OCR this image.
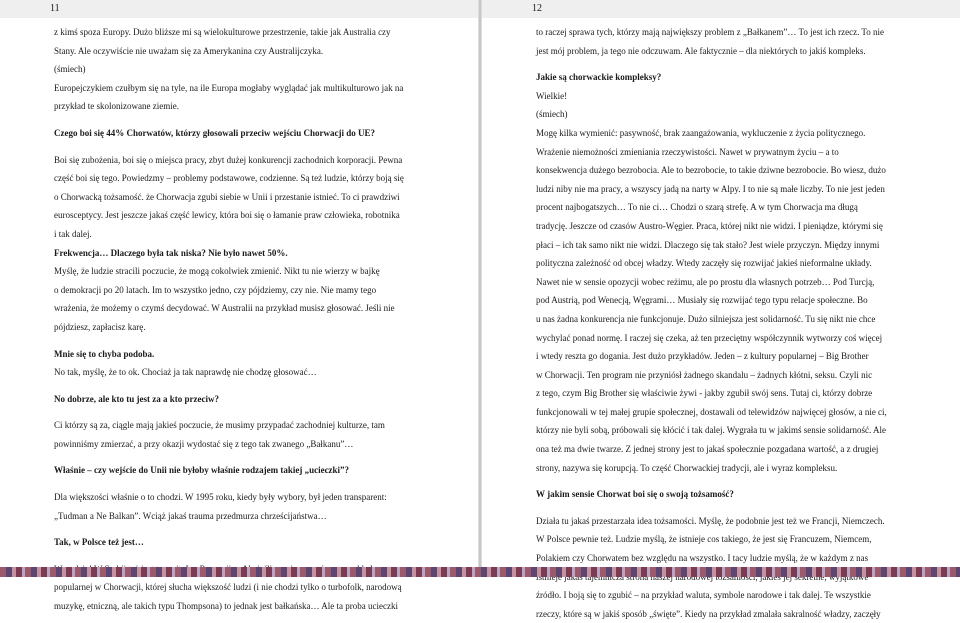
11

z kimś spoza Europy. Dużo bliższe mi są wielokulturowe przestrzenie, takie jak Australia czy

Stany. Ale oczywiście nie uważam się za Amerykanina czy Australijczyka.

(śmiech)

Europejczykiem czułbym się na tyle, na ile Europa mogłaby wyglądać jak multikulturowo jak na

przykład te skolonizowane ziemie.

Czego boi się 44% Chorwatów, którzy głosowali przeciw wejściu Chorwacji do UE?

Boi się zubożenia, boi się o miejsca pracy, zbyt dużej konkurencji zachodnich korporacji. Pewna

część boi się tego. Powiedzmy – problemy podstawowe, codzienne. Są też ludzie, którzy boją się

o Chorwacką tożsamość. że Chorwacja zgubi siebie w Unii i przestanie istnieć. To ci prawdziwi

eurosceptycy. Jest jeszcze jakaś część lewicy, która boi się o łamanie praw człowieka, robotnika

i tak dalej.

Frekwencja… Dlaczego była tak niska? Nie było nawet 50%.

Myślę, że ludzie stracili poczucie, że mogą cokolwiek zmienić. Nikt tu nie wierzy w bajkę

o demokracji po 20 latach. Im to wszystko jedno, czy pójdziemy, czy nie. Nie mamy tego

wrażenia, że możemy o czymś decydować. W Australii na przykład musisz głosować. Jeśli nie

pójdziesz, zapłacisz karę.

Mnie się to chyba podoba.

No tak, myślę, że to ok. Chociaż ja tak naprawdę nie chodzę głosować…

No dobrze, ale kto tu jest za a kto przeciw?

Ci którzy są za, ciągle mają jakieś poczucie, że musimy przypadać zachodniej kulturze, tam

powinniśmy zmierzać, a przy okazji wydostać się z tego tak zwanego „Bałkanu”…

Właśnie – czy wejście do Unii nie byłoby właśnie rodzajem takiej „ucieczki”?

Dla większości właśnie o to chodzi. W 1995 roku, kiedy były wybory, był jeden transparent:

„Tudman a Ne Balkan”. Wciąż jakaś trauma przedmurza chrześcijaństwa…

Tak, w Polsce też jest…

popularnej w Chorwacji, której słucha większość ludzi (i nie chodzi tylko o turbofolk, narodową

muzykę, etniczną, ale takich typu Thompsona) to jednak jest bałkańska… Ale ta proba ucieczki

12

to raczej sprawa tych, którzy mają największy problem z „Bałkanem”… To jest ich rzecz. To nie

jest mój problem, ja tego nie odczuwam. Ale faktycznie – dla niektórych to jakiś kompleks.

Jakie są chorwackie kompleksy?

Wielkie!

(śmiech)

Mogę kilka wymienić: pasywność, brak zaangażowania, wykluczenie z życia politycznego.

Wrażenie niemożności zmieniania rzeczywistości. Nawet w prywatnym życiu – a to

konsekwencja dużego bezrobocia. Ale to bezrobocie, to takie dziwne bezrobocie. Bo wiesz, dużo

ludzi niby nie ma pracy, a wszyscy jadą na narty w Alpy. I to nie są małe liczby. To nie jest jeden

procent najbogatszych… To nie ci… Chodzi o szarą strefę. A w tym Chorwacja ma długą

tradycję. Jeszcze od czasów Austro-Węgier. Praca, której nikt nie widzi. I pieniądze, którymi się

płaci – ich tak samo nikt nie widzi. Dlaczego się tak stało? Jest wiele przyczyn. Między innymi

polityczna zależność od obcej władzy. Wtedy zaczęły się rozwijać jakieś nieformalne układy.

Nawet nie w sensie opozycji wobec reżimu, ale po prostu dla własnych potrzeb… Pod Turcją,

pod Austrią, pod Wenecją, Węgrami… Musiały się rozwijać tego typu relacje społeczne. Bo

u nas żadna konkurencja nie funkcjonuje. Dużo silniejsza jest solidarność. Tu się nikt nie chce

wychylać ponad normę. I raczej się czeka, aż ten przeciętny współczynnik wytworzy coś więcej

i wtedy reszta go dogania. Jest dużo przykładów. Jeden – z kultury popularnej – Big Brother

w Chorwacji. Ten program nie przyniósł żadnego skandalu – żadnych kłótni, seksu. Czyli nic

z tego, czym Big Brother się właściwie żywi - jakby zgubił swój sens. Tutaj ci, którzy dobrze

funkcjonowali w tej małej grupie społecznej, dostawali od telewidzów najwięcej głosów, a nie ci,

którzy nie byli sobą, próbowali się kłócić i tak dalej. Wygrała tu w jakimś sensie solidarność. Ale

ona też ma dwie twarze. Z jednej strony jest to jakaś społecznie pozgadana wartość, a z drugiej

strony, nazywa się korupcją. To część Chorwackiej tradycji, ale i wyraz kompleksu.

W jakim sensie Chorwat boi się o swoją tożsamość?

Działa tu jakaś przestarzała idea tożsamości. Myślę, że podobnie jest też we Francji, Niemczech.

W Polsce pewnie też. Ludzie myślą, że istnieje cos takiego, że jest się Francuzem, Niemcem,

Polakiem czy Chorwatem bez względu na wszystko. I tacy ludzie myślą, że w każdym z nas

źródło. I boją się to zgubić – na przykład waluta, symbole narodowe i tak dalej. Te wszystkie

rzeczy, które są w jakiś sposób „święte”. Kiedy na przykład zmalała sakralność władzy, zaczęły
